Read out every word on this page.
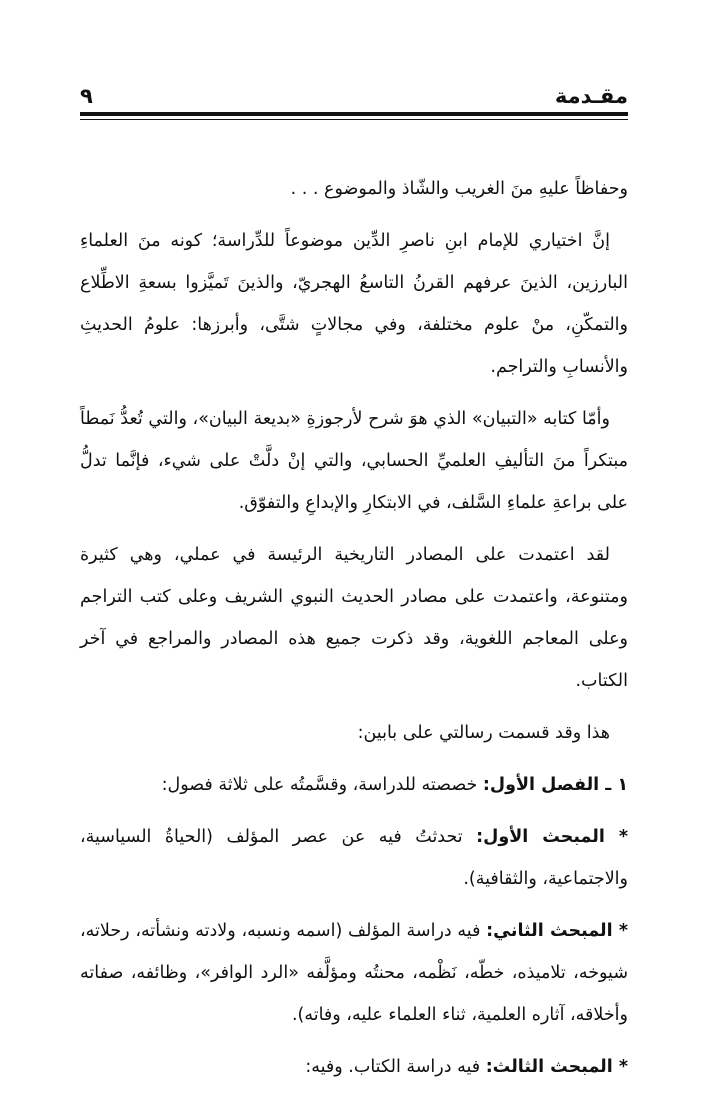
مقـدمة
٩

وحفاظاً عليهِ منَ الغريب والشّاذ والموضوع . . .

إنَّ اختياري للإمام ابنِ ناصرِ الدِّين موضوعاً للدِّراسة؛ كونه منَ العلماءِ البارزين، الذينَ عرفهم القرنُ التاسعُ الهجريّ، والذينَ تَميَّزوا بسعةِ الاطِّلاع والتمكّنِ، منْ علوم مختلفة، وفي مجالاتٍ شتَّى، وأبرزها: علومُ الحديثِ والأنسابِ والتراجم.

وأمّا كتابه «التبيان» الذي هوَ شرح لأرجوزةِ «بديعة البيان»، والتي تُعدُّ نَمطاً مبتكراً منَ التأليفِ العلميِّ الحسابي، والتي إنْ دلَّتْ على شيء، فإنَّما تدلُّ على براعةِ علماءِ السَّلف، في الابتكارِ والإبداعِ والتفوّق.

لقد اعتمدت على المصادر التاريخية الرئيسة في عملي، وهي كثيرة ومتنوعة، واعتمدت على مصادر الحديث النبوي الشريف وعلى كتب التراجم وعلى المعاجم اللغوية، وقد ذكرت جميع هذه المصادر والمراجع في آخر الكتاب.

هذا وقد قسمت رسالتي على بابين:

١ ـ الفصل الأول: خصصته للدراسة، وقسَّمتُه على ثلاثة فصول:

* المبحث الأول: تحدثتُ فيه عن عصر المؤلف (الحياةُ السياسية، والاجتماعية، والثقافية).

* المبحث الثاني: فيه دراسة المؤلف (اسمه ونسبه، ولادته ونشأته، رحلاته، شيوخه، تلاميذه، خطّه، نَظْمه، محنتُه ومؤلَّفه «الرد الوافر»، وظائفه، صفاته وأخلاقه، آثاره العلمية، ثناء العلماء عليه، وفاته).

* المبحث الثالث: فيه دراسة الكتاب. وفيه:
